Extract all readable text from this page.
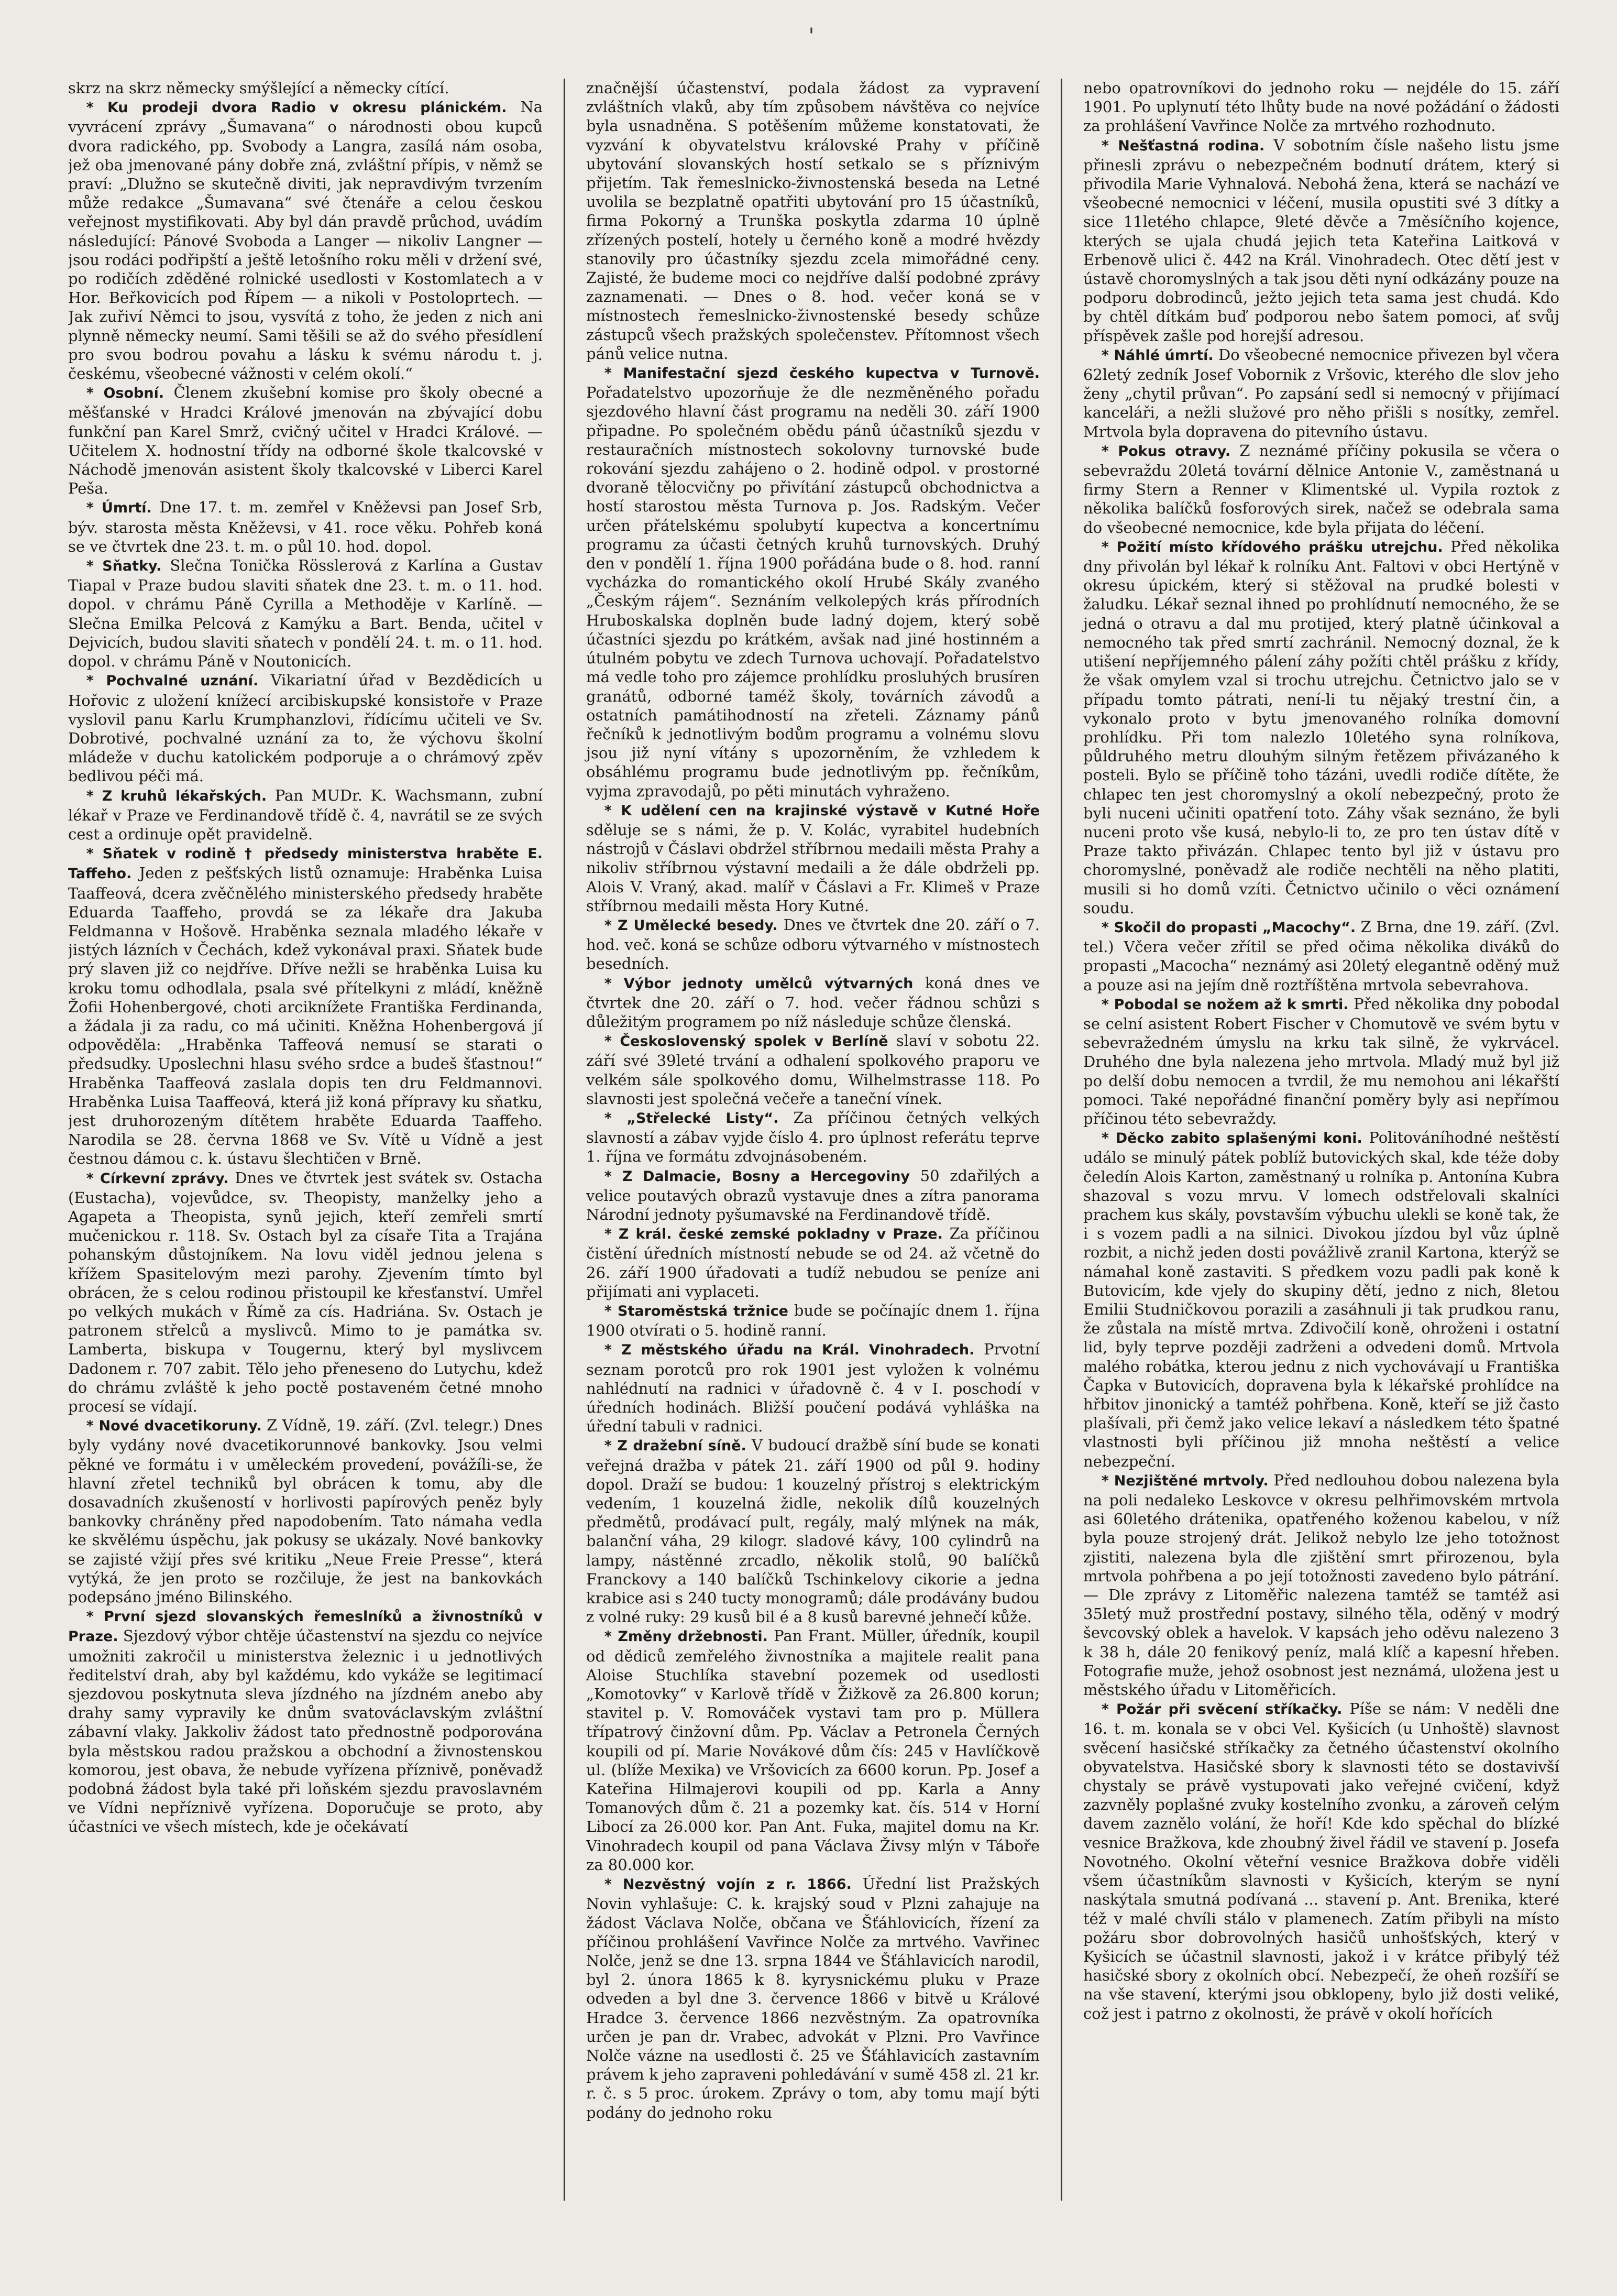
'

skrz na skrz německy smýšlející a německy cítící.

* Ku prodeji dvora Radio v okresu plánickém. Na vyvrácení zprávy „Šumavana“ o národnosti obou kupců dvora radického, pp. Svobody a Langra, zasílá nám osoba, jež oba jmenované pány dobře zná, zvláštní přípis, v němž se praví: „Dlužno se skutečně diviti, jak nepravdivým tvrzením může redakce „Šumavana“ své čtenáře a celou českou veřejnost mystifikovati. Aby byl dán pravdě průchod, uvádím následující: Pánové Svoboda a Langer — nikoliv Langner — jsou rodáci podřipští a ještě letošního roku měli v držení své, po rodičích zděděné rolnické usedlosti v Kostomlatech a v Hor. Beřkovicích pod Řípem — a nikoli v Postoloprtech. — Jak zuřiví Němci to jsou, vysvítá z toho, že jeden z nich ani plynně německy neumí. Sami těšili se až do svého přesídlení pro svou bodrou povahu a lásku k svému národu t. j. českému, všeobecné vážnosti v celém okolí.“

* Osobní. Členem zkušební komise pro školy obecné a měšťanské v Hradci Králové jmenován na zbývající dobu funkční pan Karel Smrž, cvičný učitel v Hradci Králové. — Učitelem X. hodnostní třídy na odborné škole tkalcovské v Náchodě jmenován asistent školy tkalcovské v Liberci Karel Peša.

* Úmrtí. Dne 17. t. m. zemřel v Kněževsi pan Josef Srb, býv. starosta města Kněževsi, v 41. roce věku. Pohřeb koná se ve čtvrtek dne 23. t. m. o půl 10. hod. dopol.

* Sňatky. Slečna Tonička Rösslerová z Karlína a Gustav Tiapal v Praze budou slaviti sňatek dne 23. t. m. o 11. hod. dopol. v chrámu Páně Cyrilla a Methoděje v Karlíně. — Slečna Emilka Pelcová z Kamýku a Bart. Benda, učitel v Dejvicích, budou slaviti sňatech v pondělí 24. t. m. o 11. hod. dopol. v chrámu Páně v Noutonicích.

* Pochvalné uznání. Vikariatní úřad v Bezdědicích u Hořovic z uložení knížecí arcibiskupské konsistoře v Praze vyslovil panu Karlu Krumphanzlovi, řídícímu učiteli ve Sv. Dobrotivé, pochvalné uznání za to, že výchovu školní mládeže v duchu katolickém podporuje a o chrámový zpěv bedlivou péči má.

* Z kruhů lékařských. Pan MUDr. K. Wachsmann, zubní lékař v Praze ve Ferdinandově třídě č. 4, navrátil se ze svých cest a ordinuje opět pravidelně.

* Sňatek v rodině † předsedy ministerstva hraběte E. Taffeho. Jeden z pešťských listů oznamuje: Hraběnka Luisa Taaffeová, dcera zvěčnělého ministerského předsedy hraběte Eduarda Taaffeho, provdá se za lékaře dra Jakuba Feldmanna v Hošově. Hraběnka seznala mladého lékaře v jistých lázních v Čechách, kdež vykonával praxi. Sňatek bude prý slaven již co nejdříve. Dříve nežli se hraběnka Luisa ku kroku tomu odhodlala, psala své přítelkyni z mládí, kněžně Žofii Hohenbergové, choti arciknížete Františka Ferdinanda, a žádala ji za radu, co má učiniti. Kněžna Hohenbergová jí odpověděla: „Hraběnka Taffeová nemusí se starati o předsudky. Uposlechni hlasu svého srdce a budeš šťastnou!“ Hraběnka Taaffeová zaslala dopis ten dru Feldmannovi. Hraběnka Luisa Taaffeová, která již koná přípravy ku sňatku, jest druhorozeným dítětem hraběte Eduarda Taaffeho. Narodila se 28. června 1868 ve Sv. Vítě u Vídně a jest čestnou dámou c. k. ústavu šlechtičen v Brně.

* Církevní zprávy. Dnes ve čtvrtek jest svátek sv. Ostacha (Eustacha), vojevůdce, sv. Theopisty, manželky jeho a Agapeta a Theopista, synů jejich, kteří zemřeli smrtí mučenickou r. 118. Sv. Ostach byl za císaře Tita a Trajána pohanským důstojníkem. Na lovu viděl jednou jelena s křížem Spasitelovým mezi parohy. Zjevením tímto byl obrácen, že s celou rodinou přistoupil ke křesťanství. Umřel po velkých mukách v Římě za cís. Hadriána. Sv. Ostach je patronem střelců a myslivců. Mimo to je památka sv. Lamberta, biskupa v Tougernu, který byl myslivcem Dadonem r. 707 zabit. Tělo jeho přeneseno do Lutychu, kdež do chrámu zvláště k jeho poctě postaveném četné mnoho procesí se vídají.

* Nové dvacetikoruny. Z Vídně, 19. září. (Zvl. telegr.) Dnes byly vydány nové dvacetikorunnové bankovky. Jsou velmi pěkné ve formátu i v uměleckém provedení, povážíli-se, že hlavní zřetel techniků byl obrácen k tomu, aby dle dosavadních zkušeností v horlivosti papírových peněz byly bankovky chráněny před napodobením. Tato námaha vedla ke skvělému úspěchu, jak pokusy se ukázaly. Nové bankovky se zajisté vžijí přes své kritiku „Neue Freie Presse“, která vytýká, že jen proto se rozčiluje, že jest na bankovkách podepsáno jméno Bilinského.

* První sjezd slovanských řemeslníků a živnostníků v Praze. Sjezdový výbor chtěje účastenství na sjezdu co nejvíce umožniti zakročil u ministerstva železnic i u jednotlivých ředitelství drah, aby byl každému, kdo vykáže se legitimací sjezdovou poskytnuta sleva jízdného na jízdném anebo aby drahy samy vypravily ke dnům svatováclavským zvláštní zábavní vlaky. Jakkoliv žádost tato přednostně podporována byla městskou radou pražskou a obchodní a živnostenskou komorou, jest obava, že nebude vyřízena příznivě, poněvadž podobná žádost byla také při loňském sjezdu pravoslavném ve Vídni nepříznivě vyřízena. Doporučuje se proto, aby účastníci ve všech místech, kde je očekávatí

značnější účastenství, podala žádost za vypravení zvláštních vlaků, aby tím způsobem návštěva co nejvíce byla usnadněna. S potěšením můžeme konstatovati, že vyzvání k obyvatelstvu královské Prahy v příčině ubytování slovanských hostí setkalo se s příznivým přijetím. Tak řemeslnicko-živnostenská beseda na Letné uvolila se bezplatně opatřiti ubytování pro 15 účastníků, firma Pokorný a Trunška poskytla zdarma 10 úplně zřízených postelí, hotely u černého koně a modré hvězdy stanovily pro účastníky sjezdu zcela mimořádné ceny. Zajisté, že budeme moci co nejdříve další podobné zprávy zaznamenati. — Dnes o 8. hod. večer koná se v místnostech řemeslnicko-živnostenské besedy schůze zástupců všech pražských společenstev. Přítomnost všech pánů velice nutna.

* Manifestační sjezd českého kupectva v Turnově. Pořadatelstvo upozorňuje že dle nezměněného pořadu sjezdového hlavní část programu na neděli 30. září 1900 připadne. Po společném obědu pánů účastníků sjezdu v restauračních místnostech sokolovny turnovské bude rokování sjezdu zahájeno o 2. hodině odpol. v prostorné dvoraně tělocvičny po přivítání zástupců obchodnictva a hostí starostou města Turnova p. Jos. Radským. Večer určen přátelskému spolubytí kupectva a koncertnímu programu za účasti četných kruhů turnovských. Druhý den v pondělí 1. října 1900 pořádána bude o 8. hod. ranní vycházka do romantického okolí Hrubé Skály zvaného „Českým rájem“. Seznáním velkolepých krás přírodních Hruboskalska doplněn bude ladný dojem, který sobě účastníci sjezdu po krátkém, avšak nad jiné hostinném a útulném pobytu ve zdech Turnova uchovají. Pořadatelstvo má vedle toho pro zájemce prohlídku prosluhých brusíren granátů, odborné taméž školy, továrních závodů a ostatních památihodností na zřeteli. Záznamy pánů řečníků k jednotlivým bodům programu a volnému slovu jsou již nyní vítány s upozorněním, že vzhledem k obsáhlému programu bude jednotlivým pp. řečníkům, vyjma zpravodajů, po pěti minutách vyhraženo.

* K udělení cen na krajinské výstavě v Kutné Hoře sděluje se s námi, že p. V. Kolác, vyrabitel hudebních nástrojů v Čáslavi obdržel stříbrnou medaili města Prahy a nikoliv stříbrnou výstavní medaili a že dále obdrželi pp. Alois V. Vraný, akad. malíř v Čáslavi a Fr. Klimeš v Praze stříbrnou medaili města Hory Kutné.

* Z Umělecké besedy. Dnes ve čtvrtek dne 20. září o 7. hod. več. koná se schůze odboru výtvarného v místnostech besedních.

* Výbor jednoty umělců výtvarných koná dnes ve čtvrtek dne 20. září o 7. hod. večer řádnou schůzi s důležitým programem po níž následuje schůze členská.

* Československý spolek v Berlíně slaví v sobotu 22. září své 39leté trvání a odhalení spolkového praporu ve velkém sále spolkového domu, Wilhelmstrasse 118. Po slavnosti jest společná večeře a taneční vínek.

* „Střelecké Listy“. Za příčinou četných velkých slavností a zábav vyjde číslo 4. pro úplnost referátu teprve 1. října ve formátu zdvojnásobeném.

* Z Dalmacie, Bosny a Hercegoviny 50 zdařilých a velice poutavých obrazů vystavuje dnes a zítra panorama Národní jednoty pyšumavské na Ferdinandově třídě.

* Z král. české zemské pokladny v Praze. Za příčinou čistění úředních místností nebude se od 24. až včetně do 26. září 1900 úřadovati a tudíž nebudou se peníze ani přijímati ani vyplaceti.

* Staroměstská tržnice bude se počínajíc dnem 1. října 1900 otvírati o 5. hodině ranní.

* Z městského úřadu na Král. Vinohradech. Prvotní seznam porotců pro rok 1901 jest vyložen k volnému nahlédnutí na radnici v úřadovně č. 4 v I. poschodí v úředních hodinách. Bližší poučení podává vyhláška na úřední tabuli v radnici.

* Z dražební síně. V budoucí dražbě síní bude se konati veřejná dražba v pátek 21. září 1900 od půl 9. hodiny dopol. Draží se budou: 1 kouzelný přístroj s elektrickým vedením, 1 kouzelná židle, nekolik dílů kouzelných předmětů, prodávací pult, regály, malý mlýnek na mák, balanční váha, 29 kilogr. sladové kávy, 100 cylindrů na lampy, nástěnné zrcadlo, několik stolů, 90 balíčků Franckovy a 140 balíčků Tschinkelovy cikorie a jedna krabice asi s 240 tucty monogramů; dále prodávány budou z volné ruky: 29 kusů bil é a 8 kusů barevné jehnečí kůže.

* Změny držebnosti. Pan Frant. Müller, úředník, koupil od dědiců zemřelého živnostníka a majitele realit pana Aloise Stuchlíka stavební pozemek od usedlosti „Komotovky“ v Karlově třídě v Žižkově za 26.800 korun; stavitel p. V. Romováček vystavi tam pro p. Müllera třípatrový činžovní dům. Pp. Václav a Petronela Černých koupili od pí. Marie Novákové dům čís: 245 v Havlíčkově ul. (blíže Mexika) ve Vršovicích za 6600 korun. Pp. Josef a Kateřina Hilmajerovi koupili od pp. Karla a Anny Tomanových dům č. 21 a pozemky kat. čís. 514 v Horní Libocí za 26.000 kor. Pan Ant. Fuka, majitel domu na Kr. Vinohradech koupil od pana Václava Živsy mlýn v Táboře za 80.000 kor.

* Nezvěstný vojín z r. 1866. Úřední list Pražských Novin vyhlašuje: C. k. krajský soud v Plzni zahajuje na žádost Václava Nolče, občana ve Šťáhlovicích, řízení za příčinou prohlášení Vavřince Nolče za mrtvého. Vavřinec Nolče, jenž se dne 13. srpna 1844 ve Šťáhlavicích narodil, byl 2. února 1865 k 8. kyrysnickému pluku v Praze odveden a byl dne 3. července 1866 v bitvě u Králové Hradce 3. července 1866 nezvěstným. Za opatrovníka určen je pan dr. Vrabec, advokát v Plzni. Pro Vavřince Nolče vázne na usedlosti č. 25 ve Šťáhlavicích zastavním právem k jeho zapraveni pohledávání v sumě 458 zl. 21 kr. r. č. s 5 proc. úrokem. Zprávy o tom, aby tomu mají býti podány do jednoho roku

nebo opatrovníkovi do jednoho roku — nejdéle do 15. září 1901. Po uplynutí této lhůty bude na nové požádání o žádosti za prohlášení Vavřince Nolče za mrtvého rozhodnuto.

* Nešťastná rodina. V sobotním čísle našeho listu jsme přinesli zprávu o nebezpečném bodnutí drátem, který si přivodila Marie Vyhnalová. Nebohá žena, která se nachází ve všeobecné nemocnici v léčení, musila opustiti své 3 dítky a sice 11letého chlapce, 9leté děvče a 7měsíčního kojence, kterých se ujala chudá jejich teta Kateřina Laitková v Erbenově ulici č. 442 na Král. Vinohradech. Otec dětí jest v ústavě choromyslných a tak jsou děti nyní odkázány pouze na podporu dobrodinců, ježto jejich teta sama jest chudá. Kdo by chtěl dítkám buď podporou nebo šatem pomoci, ať svůj příspěvek zašle pod horejší adresou.

* Náhlé úmrtí. Do všeobecné nemocnice přivezen byl včera 62letý zedník Josef Vobornik z Vršovic, kterého dle slov jeho ženy „chytil průvan“. Po zapsání sedl si nemocný v přijímací kanceláři, a nežli služové pro něho přišli s nosítky, zemřel. Mrtvola byla dopravena do pitevního ústavu.

* Pokus otravy. Z neznámé příčiny pokusila se včera o sebevraždu 20letá tovární dělnice Antonie V., zaměstnaná u firmy Stern a Renner v Klimentské ul. Vypila roztok z několika balíčků fosforových sirek, načež se odebrala sama do všeobecné nemocnice, kde byla přijata do léčení.

* Požití místo křídového prášku utrejchu. Před několika dny přivolán byl lékař k rolníku Ant. Faltovi v obci Hertýně v okresu úpickém, který si stěžoval na prudké bolesti v žaludku. Lékař seznal ihned po prohlídnutí nemocného, že se jedná o otravu a dal mu protijed, který platně účinkoval a nemocného tak před smrtí zachránil. Nemocný doznal, že k utišení nepříjemného pálení záhy požíti chtěl prášku z křídy, že však omylem vzal si trochu utrejchu. Četnictvo jalo se v případu tomto pátrati, není-li tu nějaký trestní čin, a vykonalo proto v bytu jmenovaného rolníka domovní prohlídku. Při tom nalezlo 10letého syna rolníkova, půldruhého metru dlouhým silným řetězem přivázaného k posteli. Bylo se příčině toho tázáni, uvedli rodiče dítěte, že chlapec ten jest choromyslný a okolí nebezpečný, proto že byli nuceni učiniti opatření toto. Záhy však seznáno, že byli nuceni proto vše kusá, nebylo-li to, ze pro ten ústav dítě v Praze takto přivázán. Chlapec tento byl již v ústavu pro choromyslné, poněvadž ale rodiče nechtěli na něho platiti, musili si ho domů vzíti. Četnictvo učinilo o věci oznámení soudu.

* Skočil do propasti „Macochy“. Z Brna, dne 19. září. (Zvl. tel.) Včera večer zřítil se před očima několika diváků do propasti „Macocha“ neznámý asi 20letý elegantně oděný muž a pouze asi na jejím dně roztříštěna mrtvola sebevrahova.

* Pobodal se nožem až k smrti. Před několika dny pobodal se celní asistent Robert Fischer v Chomutově ve svém bytu v sebevražedném úmyslu na krku tak silně, že vykrvácel. Druhého dne byla nalezena jeho mrtvola. Mladý muž byl již po delší dobu nemocen a tvrdil, že mu nemohou ani lékařští pomoci. Také nepořádné finanční poměry byly asi nepřímou příčinou této sebevraždy.

* Děcko zabito splašenými koni. Politováníhodné neštěstí událo se minulý pátek poblíž butovických skal, kde téže doby čeledín Alois Karton, zaměstnaný u rolníka p. Antonína Kubra shazoval s vozu mrvu. V lomech odstřelovali skalníci prachem kus skály, povstavším výbuchu ulekli se koně tak, že i s vozem padli a na silnici. Divokou jízdou byl vůz úplně rozbit, a nichž jeden dosti povážlivě zranil Kartona, kterýž se námahal koně zastaviti. S předkem vozu padli pak koně k Butovicím, kde vjely do skupiny dětí, jedno z nich, 8letou Emilii Studničkovou porazili a zasáhnuli ji tak prudkou ranu, že zůstala na místě mrtva. Zdivočilí koně, ohroženi i ostatní lid, byly teprve později zadrženi a odvedeni domů. Mrtvola malého robátka, kterou jednu z nich vychovávají u Františka Čapka v Butovicích, dopravena byla k lékařské prohlídce na hřbitov jinonický a tamtéž pohřbena. Koně, kteří se již často plašívali, při čemž jako velice lekaví a následkem této špatné vlastnosti byli příčinou již mnoha neštěstí a velice nebezpeční.

* Nezjištěné mrtvoly. Před nedlouhou dobou nalezena byla na poli nedaleko Leskovce v okresu pelhřimovském mrtvola asi 60letého drátenika, opatřeného koženou kabelou, v níž byla pouze strojený drát. Jelikož nebylo lze jeho totožnost zjistiti, nalezena byla dle zjištění smrt přirozenou, byla mrtvola pohřbena a po její totožnosti zavedeno bylo pátrání. — Dle zprávy z Litoměřic nalezena tamtéž se tamtéž asi 35letý muž prostřední postavy, silného těla, oděný v modrý ševcovský oblek a havelok. V kapsách jeho oděvu nalezeno 3 k 38 h, dále 20 fenikový peníz, malá klíč a kapesní hřeben. Fotografie muže, jehož osobnost jest neznámá, uložena jest u městského úřadu v Litoměřicích.

* Požár při svěcení stříkačky. Píše se nám: V neděli dne 16. t. m. konala se v obci Vel. Kyšicích (u Unhoště) slavnost svěcení hasičské stříkačky za četného účastenství okolního obyvatelstva. Hasičské sbory k slavnosti této se dostavivší chystaly se právě vystupovati jako veřejné cvičení, když zazvněly poplašné zvuky kostelního zvonku, a zároveň celým davem zaznělo volání, že hoří! Kde kdo spěchal do blízké vesnice Bražkova, kde zhoubný živel řádil ve stavení p. Josefa Novotného. Okolní věteřní vesnice Bražkova dobře viděli všem účastníkům slavnosti v Kyšicích, kterým se nyní naskýtala smutná podívaná ... stavení p. Ant. Brenika, které též v malé chvíli stálo v plamenech. Zatím přibyli na místo požáru sbor dobrovolných hasičů unhošťských, který v Kyšicích se účastnil slavnosti, jakož i v krátce přibylý též hasičské sbory z okolních obcí. Nebezpečí, že oheň rozšíří se na vše stavení, kterými jsou obklopeny, bylo již dosti veliké, což jest i patrno z okolnosti, že právě v okolí hořících
